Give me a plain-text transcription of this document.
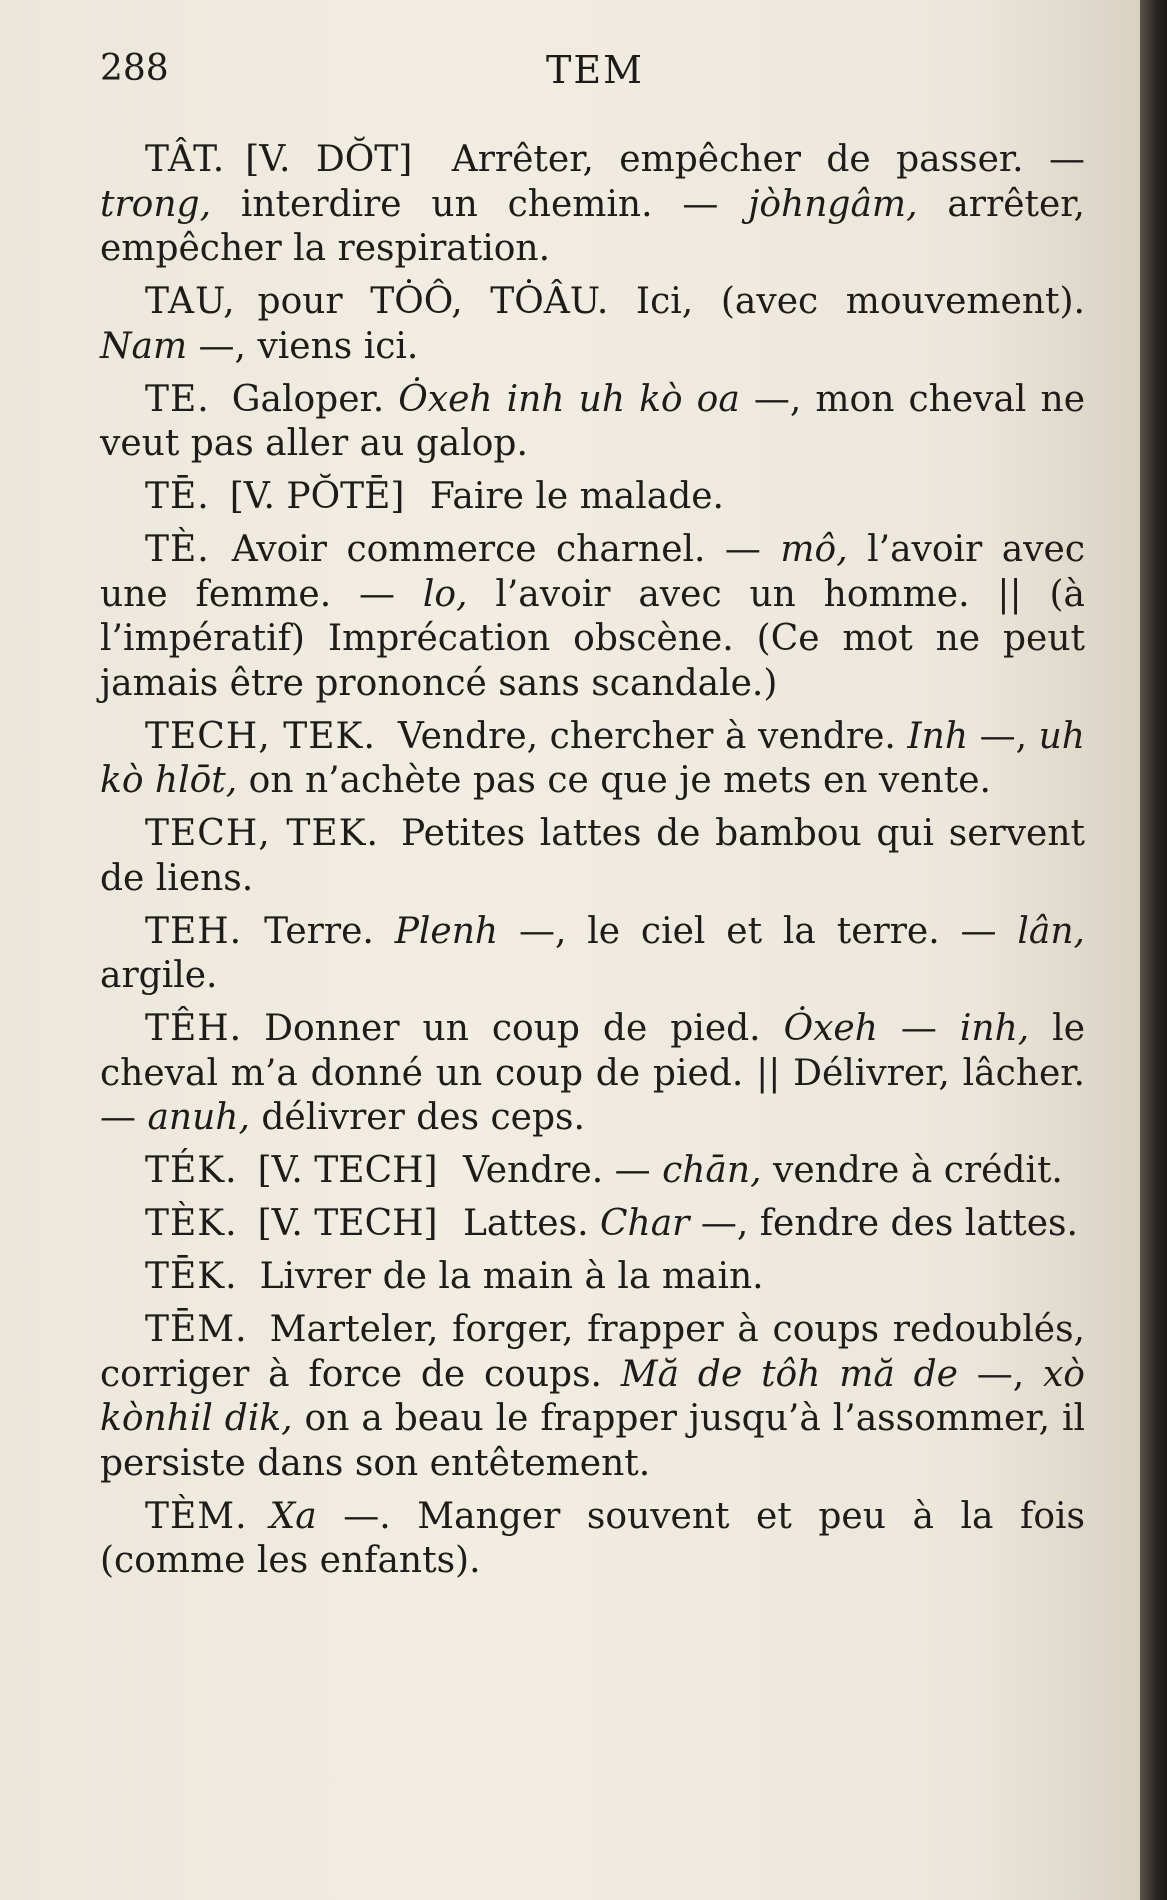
288	TEM

TÂT. [V. DŎT] Arrêter, empêcher de passer. — trong, interdire un chemin. — jòhngâm, arrêter, empêcher la respiration.

TAU, pour TȮÔ, TȮÂU. Ici, (avec mouvement). Nam —, viens ici.

TE. Galoper. Ȯxeh inh uh kò oa —, mon cheval ne veut pas aller au galop.

TĒ. [V. PŎTĒ] Faire le malade.

TÈ. Avoir commerce charnel. — mô, l’avoir avec une femme. — lo, l’avoir avec un homme. || (à l’impératif) Imprécation obscène. (Ce mot ne peut jamais être prononcé sans scandale.)

TECH, TEK. Vendre, chercher à vendre. Inh —, uh kò hlōt, on n’achète pas ce que je mets en vente.

TECH, TEK. Petites lattes de bambou qui servent de liens.

TEH. Terre. Plenh —, le ciel et la terre. — lân, argile.

TÊH. Donner un coup de pied. Ȯxeh — inh, le cheval m’a donné un coup de pied. || Délivrer, lâcher. — anuh, délivrer des ceps.

TÉK. [V. TECH] Vendre. — chān, vendre à crédit.

TÈK. [V. TECH] Lattes. Char —, fendre des lattes.

TĒK. Livrer de la main à la main.

TĒM. Marteler, forger, frapper à coups redoublés, corriger à force de coups. Mă de tôh mă de —, xò kònhil dik, on a beau le frapper jusqu’à l’assommer, il persiste dans son entêtement.

TÈM. Xa —. Manger souvent et peu à la fois (comme les enfants).
